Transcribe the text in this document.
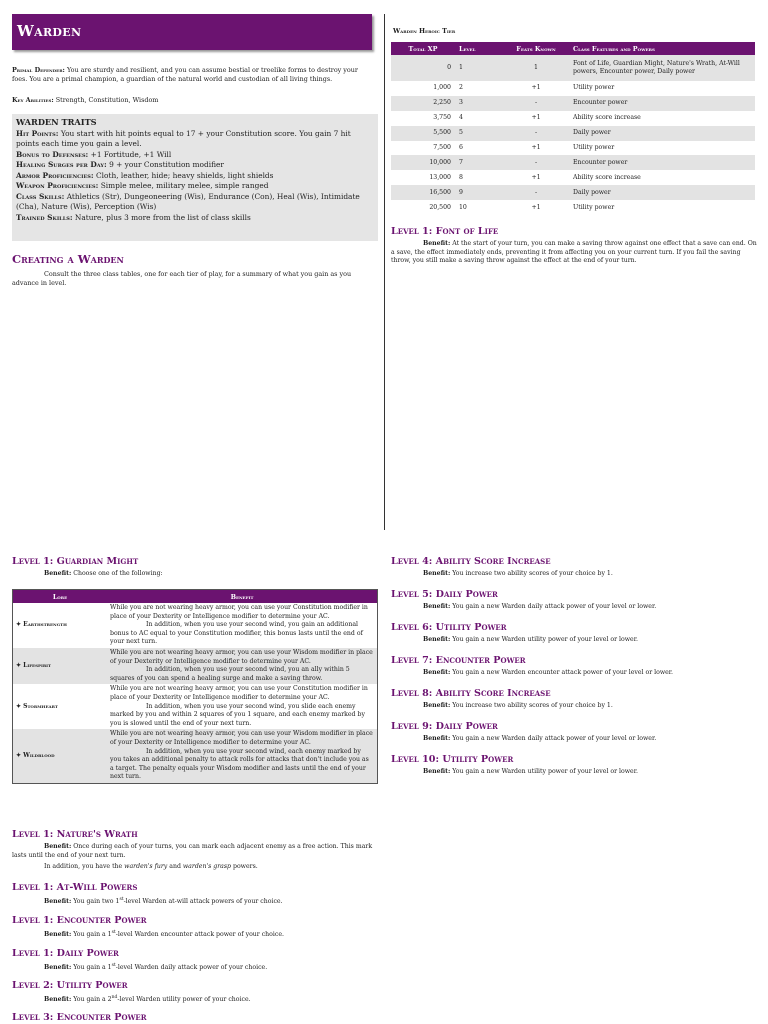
Warden
Primal Defender: You are sturdy and resilient, and you can assume bestial or treelike forms to destroy your foes. You are a primal champion, a guardian of the natural world and custodian of all living things.
Key Abilities: Strength, Constitution, Wisdom
WARDEN TRAITS
Hit Points: You start with hit points equal to 17 + your Constitution score. You gain 7 hit points each time you gain a level.
Bonus to Defenses: +1 Fortitude, +1 Will
Healing Surges per Day: 9 + your Constitution modifier
Armor Proficiencies: Cloth, leather, hide; heavy shields, light shields
Weapon Proficiencies: Simple melee, military melee, simple ranged
Class Skills: Athletics (Str), Dungeoneering (Wis), Endurance (Con), Heal (Wis), Intimidate (Cha), Nature (Wis), Perception (Wis)
Trained Skills: Nature, plus 3 more from the list of class skills
Creating a Warden
Consult the three class tables, one for each tier of play, for a summary of what you gain as you advance in level.
Warden Heroic Tier
Total XP	Level	Feats Known	Class Features and Powers
0	1	1	Font of Life, Guardian Might, Nature's Wrath, At-Will powers, Encounter power, Daily power
1,000	2	+1	Utility power
2,250	3	-	Encounter power
3,750	4	+1	Ability score increase
5,500	5	-	Daily power
7,500	6	+1	Utility power
10,000	7	-	Encounter power
13,000	8	+1	Ability score increase
16,500	9	-	Daily power
20,500	10	+1	Utility power
Level 1: Font of Life
Benefit: At the start of your turn, you can make a saving throw against one effect that a save can end. On a save, the effect immediately ends, preventing it from affecting you on your current turn. If you fail the saving throw, you still make a saving throw against the effect at the end of your turn.
Level 1: Guardian Might
Benefit: Choose one of the following:
Lore	Benefit
✦ Earthstrength	While you are not wearing heavy armor, you can use your Constitution modifier in place of your Dexterity or Intelligence modifier to determine your AC.
In addition, when you use your second wind, you gain an additional bonus to AC equal to your Constitution modifier, this bonus lasts until the end of your next turn.

✦ Lifespirit	While you are not wearing heavy armor, you can use your Wisdom modifier in place of your Dexterity or Intelligence modifier to determine your AC.
In addition, when you use your second wind, you an ally within 5 squares of you can spend a healing surge and make a saving throw.

✦ Stormheart	While you are not wearing heavy armor, you can use your Constitution modifier in place of your Dexterity or Intelligence modifier to determine your AC.
In addition, when you use your second wind, you slide each enemy marked by you and within 2 squares of you 1 square, and each enemy marked by you is slowed until the end of your next turn.

✦ Wildblood	While you are not wearing heavy armor, you can use your Wisdom modifier in place of your Dexterity or Intelligence modifier to determine your AC.
In addition, when you use your second wind, each enemy marked by you takes an additional penalty to attack rolls for attacks that don't include you as a target. The penalty equals your Wisdom modifier and lasts until the end of your next turn.
Level 1: Nature's Wrath
Benefit: Once during each of your turns, you can mark each adjacent enemy as a free action. This mark lasts until the end of your next turn.
In addition, you have the warden's fury and warden's grasp powers.
Level 1: At-Will Powers
Benefit: You gain two 1st-level Warden at-will attack powers of your choice.
Level 1: Encounter Power
Benefit: You gain a 1st-level Warden encounter attack power of your choice.
Level 1: Daily Power
Benefit: You gain a 1st-level Warden daily attack power of your choice.
Level 2: Utility Power
Benefit: You gain a 2nd-level Warden utility power of your choice.
Level 3: Encounter Power
Level 4: Ability Score Increase
Benefit: You increase two ability scores of your choice by 1.
Level 5: Daily Power
Benefit: You gain a new Warden daily attack power of your level or lower.
Level 6: Utility Power
Benefit: You gain a new Warden utility power of your level or lower.
Level 7: Encounter Power
Benefit: You gain a new Warden encounter attack power of your level or lower.
Level 8: Ability Score Increase
Benefit: You increase two ability scores of your choice by 1.
Level 9: Daily Power
Benefit: You gain a new Warden daily attack power of your level or lower.
Level 10: Utility Power
Benefit: You gain a new Warden utility power of your level or lower.
